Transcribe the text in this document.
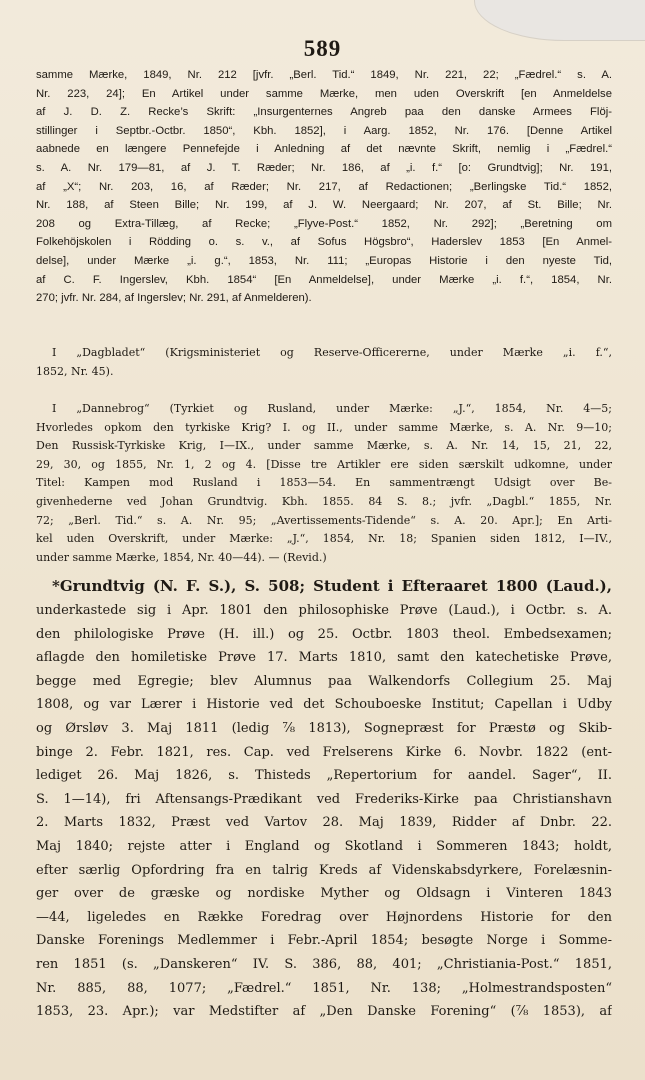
589
samme Mærke, 1849, Nr. 212 [jvfr. „Berl. Tid.“ 1849, Nr. 221, 22; „Fædrel.“ s. A.
Nr. 223, 24]; En Artikel under samme Mærke, men uden Overskrift [en Anmeldelse
af J. D. Z. Recke’s Skrift: „Insurgenternes Angreb paa den danske Armees Flöj-
stillinger i Septbr.-Octbr. 1850“, Kbh. 1852], i Aarg. 1852, Nr. 176. [Denne Artikel
aabnede en længere Pennefejde i Anledning af det nævnte Skrift, nemlig i „Fædrel.“
s. A. Nr. 179—81, af J. T. Ræder; Nr. 186, af „i. f.“ [o: Grundtvig]; Nr. 191,
af „X“; Nr. 203, 16, af Ræder; Nr. 217, af Redactionen; „Berlingske Tid.“ 1852,
Nr. 188, af Steen Bille; Nr. 199, af J. W. Neergaard; Nr. 207, af St. Bille; Nr.
208 og Extra-Tillæg, af Recke; „Flyve-Post.“ 1852, Nr. 292]; „Beretning om
Folkehöjskolen i Rödding o. s. v., af Sofus Högsbro“, Haderslev 1853 [En Anmel-
delse], under Mærke „i. g.“, 1853, Nr. 111; „Europas Historie i den nyeste Tid,
af C. F. Ingerslev, Kbh. 1854“ [En Anmeldelse], under Mærke „i. f.“, 1854, Nr.
270; jvfr. Nr. 284, af Ingerslev; Nr. 291, af Anmelderen).
I „Dagbladet“ (Krigsministeriet og Reserve-Officererne, under Mærke „i. f.“,
1852, Nr. 45).
I „Dannebrog“ (Tyrkiet og Rusland, under Mærke: „J.“, 1854, Nr. 4—5;
Hvorledes opkom den tyrkiske Krig? I. og II., under samme Mærke, s. A. Nr. 9—10;
Den Russisk-Tyrkiske Krig, I—IX., under samme Mærke, s. A. Nr. 14, 15, 21, 22,
29, 30, og 1855, Nr. 1, 2 og 4. [Disse tre Artikler ere siden særskilt udkomne, under
Titel: Kampen mod Rusland i 1853—54. En sammentrængt Udsigt over Be-
givenhederne ved Johan Grundtvig. Kbh. 1855. 84 S. 8.; jvfr. „Dagbl.“ 1855, Nr.
72; „Berl. Tid.“ s. A. Nr. 95; „Avertissements-Tidende“ s. A. 20. Apr.]; En Arti-
kel uden Overskrift, under Mærke: „J.“, 1854, Nr. 18; Spanien siden 1812, I—IV.,
under samme Mærke, 1854, Nr. 40—44). — (Revid.)
*Grundtvig (N. F. S.), S. 508; Student i Efteraaret 1800 (Laud.),
underkastede sig i Apr. 1801 den philosophiske Prøve (Laud.), i Octbr. s. A.
den philologiske Prøve (H. ill.) og 25. Octbr. 1803 theol. Embedsexamen;
aflagde den homiletiske Prøve 17. Marts 1810, samt den katechetiske Prøve,
begge med Egregie; blev Alumnus paa Walkendorfs Collegium 25. Maj
1808, og var Lærer i Historie ved det Schouboeske Institut; Capellan i Udby
og Ørsløv 3. Maj 1811 (ledig ⅞ 1813), Sognepræst for Præstø og Skib-
binge 2. Febr. 1821, res. Cap. ved Frelserens Kirke 6. Novbr. 1822 (ent-
lediget 26. Maj 1826, s. Thisteds „Repertorium for aandel. Sager“, II.
S. 1—14), fri Aftensangs-Prædikant ved Frederiks-Kirke paa Christianshavn
2. Marts 1832, Præst ved Vartov 28. Maj 1839, Ridder af Dnbr. 22.
Maj 1840; rejste atter i England og Skotland i Sommeren 1843; holdt,
efter særlig Opfordring fra en talrig Kreds af Videnskabsdyrkere, Forelæsnin-
ger over de græske og nordiske Myther og Oldsagn i Vinteren 1843
—44, ligeledes en Række Foredrag over Højnordens Historie for den
Danske Forenings Medlemmer i Febr.-April 1854; besøgte Norge i Somme-
ren 1851 (s. „Danskeren“ IV. S. 386, 88, 401; „Christiania-Post.“ 1851,
Nr. 885, 88, 1077; „Fædrel.“ 1851, Nr. 138; „Holmestrandsposten“
1853, 23. Apr.); var Medstifter af „Den Danske Forening“ (⅞ 1853), af
